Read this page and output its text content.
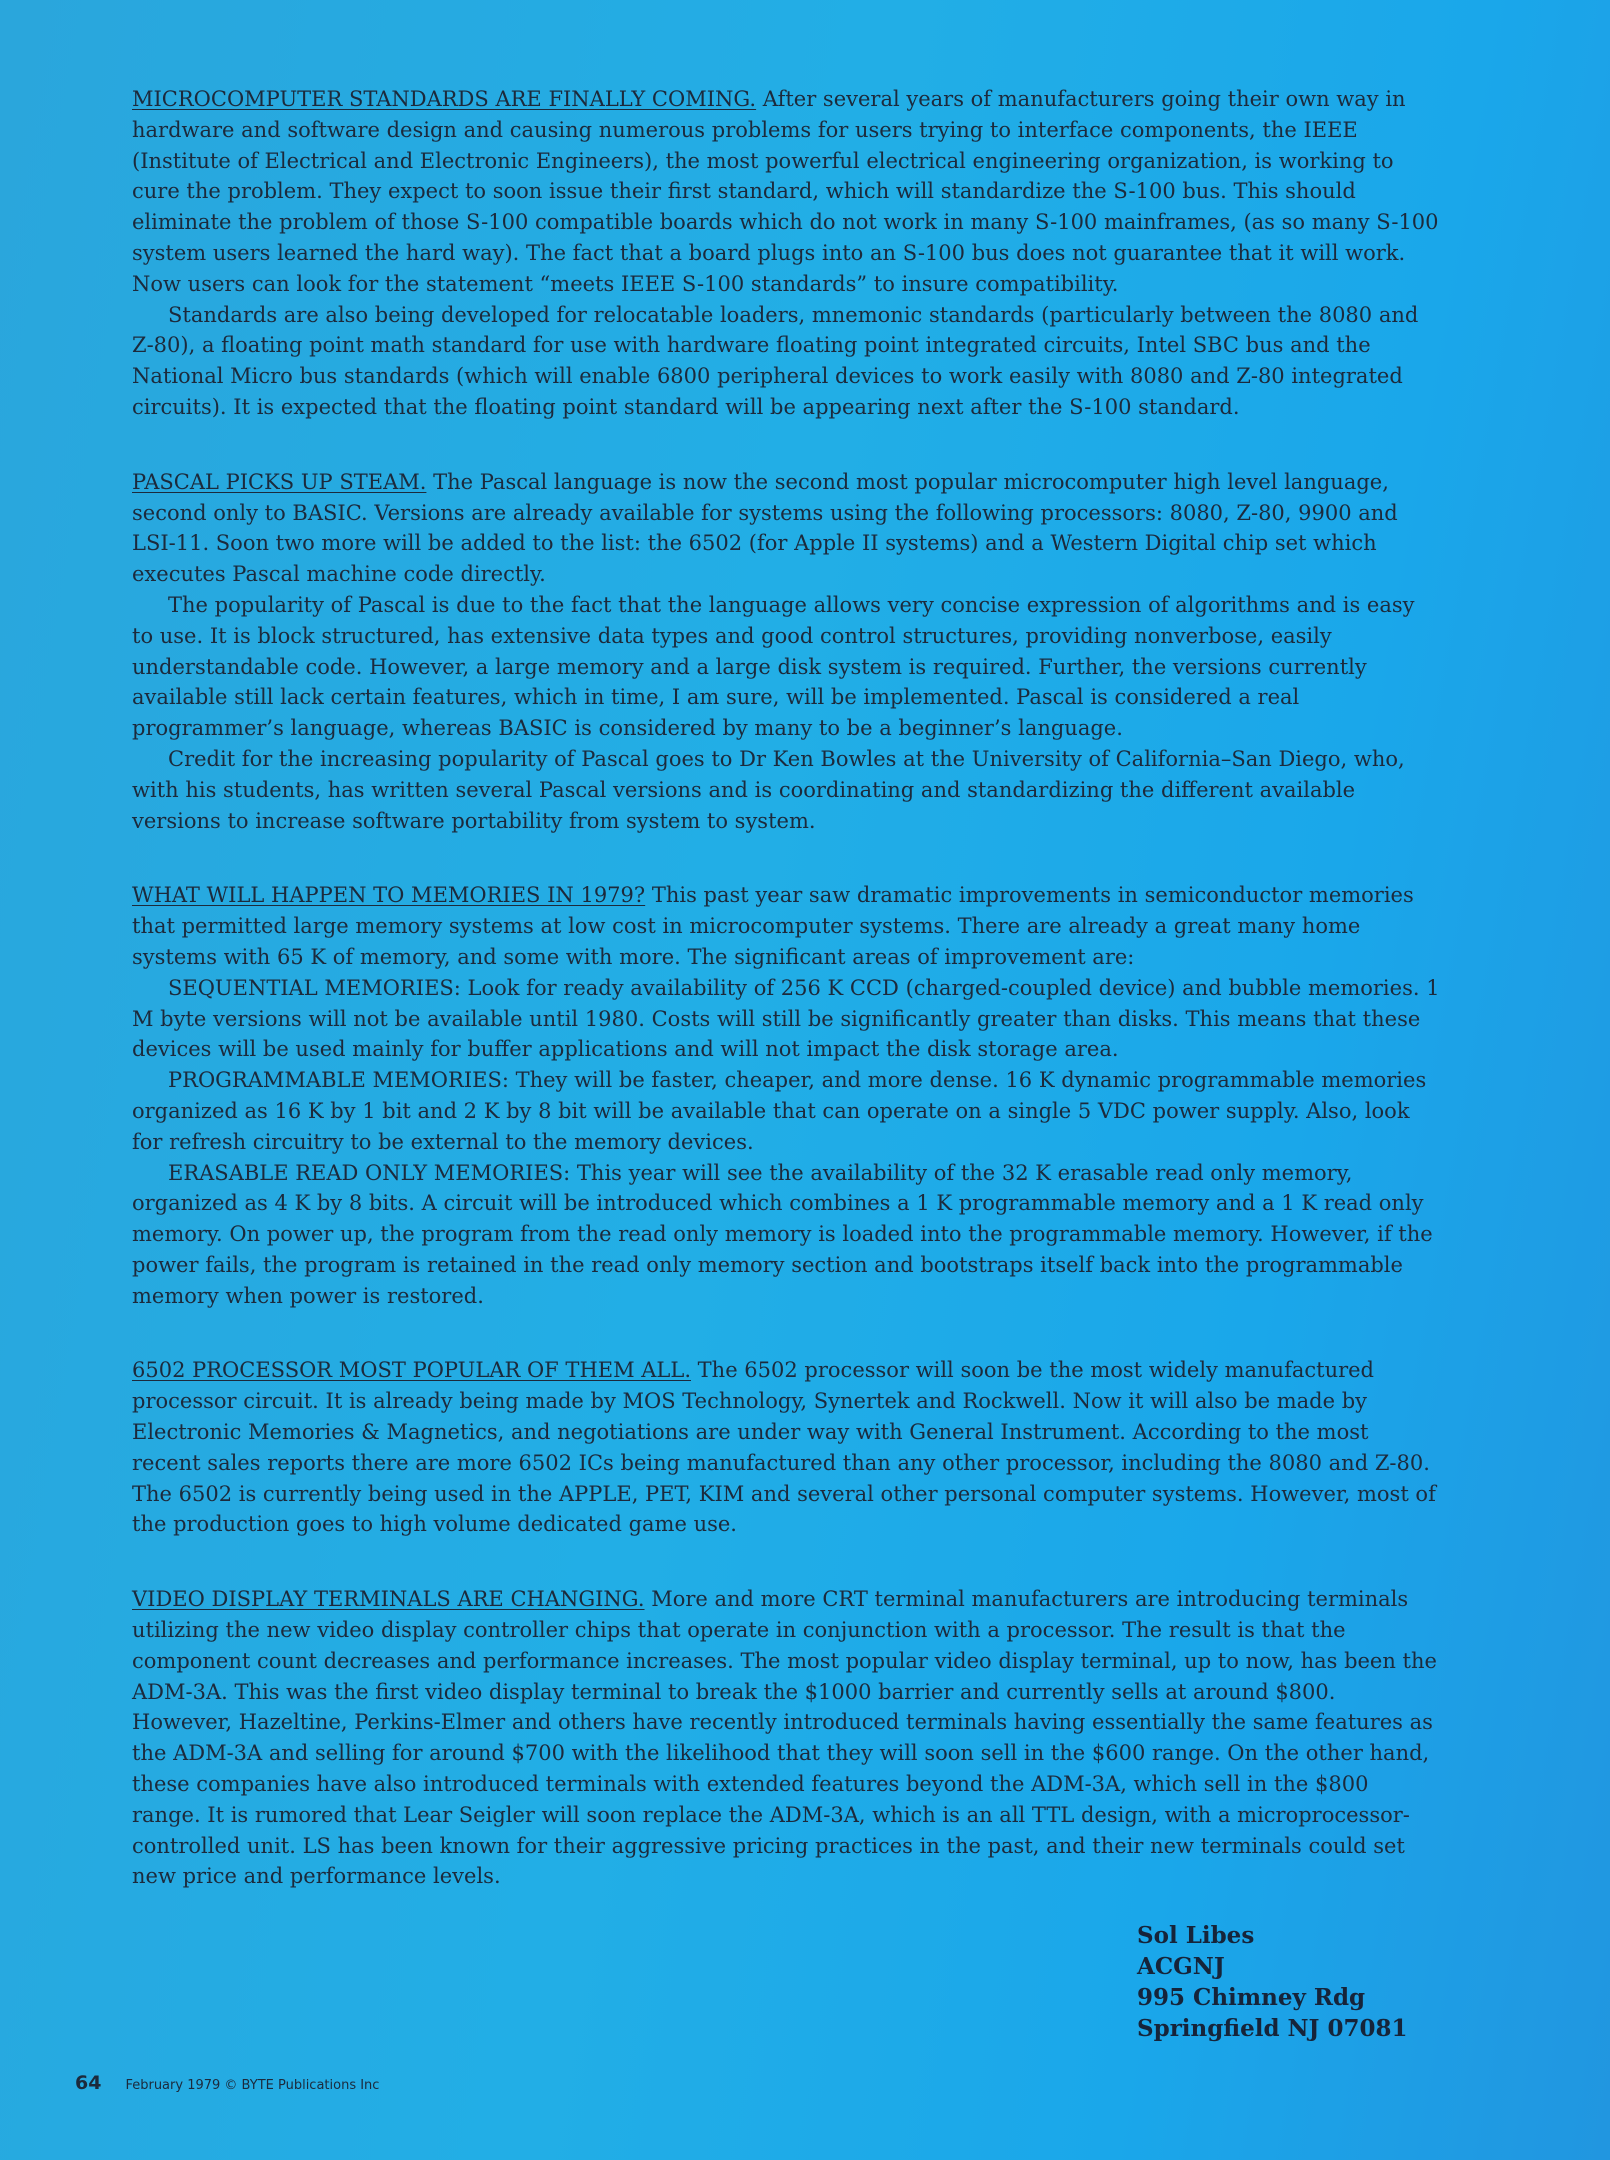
MICROCOMPUTER STANDARDS ARE FINALLY COMING. After several years of manufacturers going their own way in hardware and software design and causing numerous problems for users trying to interface components, the IEEE (Institute of Electrical and Electronic Engineers), the most powerful electrical engineering organization, is working to cure the problem. They expect to soon issue their first standard, which will standardize the S-100 bus. This should eliminate the problem of those S-100 compatible boards which do not work in many S-100 mainframes, (as so many S-100 system users learned the hard way). The fact that a board plugs into an S-100 bus does not guarantee that it will work. Now users can look for the statement “meets IEEE S-100 standards” to insure compatibility.

Standards are also being developed for relocatable loaders, mnemonic standards (particularly between the 8080 and Z-80), a floating point math standard for use with hardware floating point integrated circuits, Intel SBC bus and the National Micro bus standards (which will enable 6800 peripheral devices to work easily with 8080 and Z-80 integrated circuits). It is expected that the floating point standard will be appearing next after the S-100 standard.

PASCAL PICKS UP STEAM. The Pascal language is now the second most popular microcomputer high level language, second only to BASIC. Versions are already available for systems using the following processors: 8080, Z-80, 9900 and LSI-11. Soon two more will be added to the list: the 6502 (for Apple II systems) and a Western Digital chip set which executes Pascal machine code directly.

The popularity of Pascal is due to the fact that the language allows very concise expression of algorithms and is easy to use. It is block structured, has extensive data types and good control structures, providing nonverbose, easily understandable code. However, a large memory and a large disk system is required. Further, the versions currently available still lack certain features, which in time, I am sure, will be implemented. Pascal is considered a real programmer’s language, whereas BASIC is considered by many to be a beginner’s language.

Credit for the increasing popularity of Pascal goes to Dr Ken Bowles at the University of California–San Diego, who, with his students, has written several Pascal versions and is coordinating and standardizing the different available versions to increase software portability from system to system.

WHAT WILL HAPPEN TO MEMORIES IN 1979? This past year saw dramatic improvements in semiconductor memories that permitted large memory systems at low cost in microcomputer systems. There are already a great many home systems with 65 K of memory, and some with more. The significant areas of improvement are:

SEQUENTIAL MEMORIES: Look for ready availability of 256 K CCD (charged-coupled device) and bubble memories. 1 M byte versions will not be available until 1980. Costs will still be significantly greater than disks. This means that these devices will be used mainly for buffer applications and will not impact the disk storage area.

PROGRAMMABLE MEMORIES: They will be faster, cheaper, and more dense. 16 K dynamic programmable memories organized as 16 K by 1 bit and 2 K by 8 bit will be available that can operate on a single 5 VDC power supply. Also, look for refresh circuitry to be external to the memory devices.

ERASABLE READ ONLY MEMORIES: This year will see the availability of the 32 K erasable read only memory, organized as 4 K by 8 bits. A circuit will be introduced which combines a 1 K programmable memory and a 1 K read only memory. On power up, the program from the read only memory is loaded into the programmable memory. However, if the power fails, the program is retained in the read only memory section and bootstraps itself back into the programmable memory when power is restored.

6502 PROCESSOR MOST POPULAR OF THEM ALL. The 6502 processor will soon be the most widely manufactured processor circuit. It is already being made by MOS Technology, Synertek and Rockwell. Now it will also be made by Electronic Memories & Magnetics, and negotiations are under way with General Instrument. According to the most recent sales reports there are more 6502 ICs being manufactured than any other processor, including the 8080 and Z-80. The 6502 is currently being used in the APPLE, PET, KIM and several other personal computer systems. However, most of the production goes to high volume dedicated game use.

VIDEO DISPLAY TERMINALS ARE CHANGING. More and more CRT terminal manufacturers are introducing terminals utilizing the new video display controller chips that operate in conjunction with a processor. The result is that the component count decreases and performance increases. The most popular video display terminal, up to now, has been the ADM-3A. This was the first video display terminal to break the $1000 barrier and currently sells at around $800. However, Hazeltine, Perkins-Elmer and others have recently introduced terminals having essentially the same features as the ADM-3A and selling for around $700 with the likelihood that they will soon sell in the $600 range. On the other hand, these companies have also introduced terminals with extended features beyond the ADM-3A, which sell in the $800 range. It is rumored that Lear Seigler will soon replace the ADM-3A, which is an all TTL design, with a microprocessor-controlled unit. LS has been known for their aggressive pricing practices in the past, and their new terminals could set new price and performance levels.

Sol Libes
ACGNJ
995 Chimney Rdg
Springfield NJ 07081
64 February 1979 © BYTE Publications Inc
